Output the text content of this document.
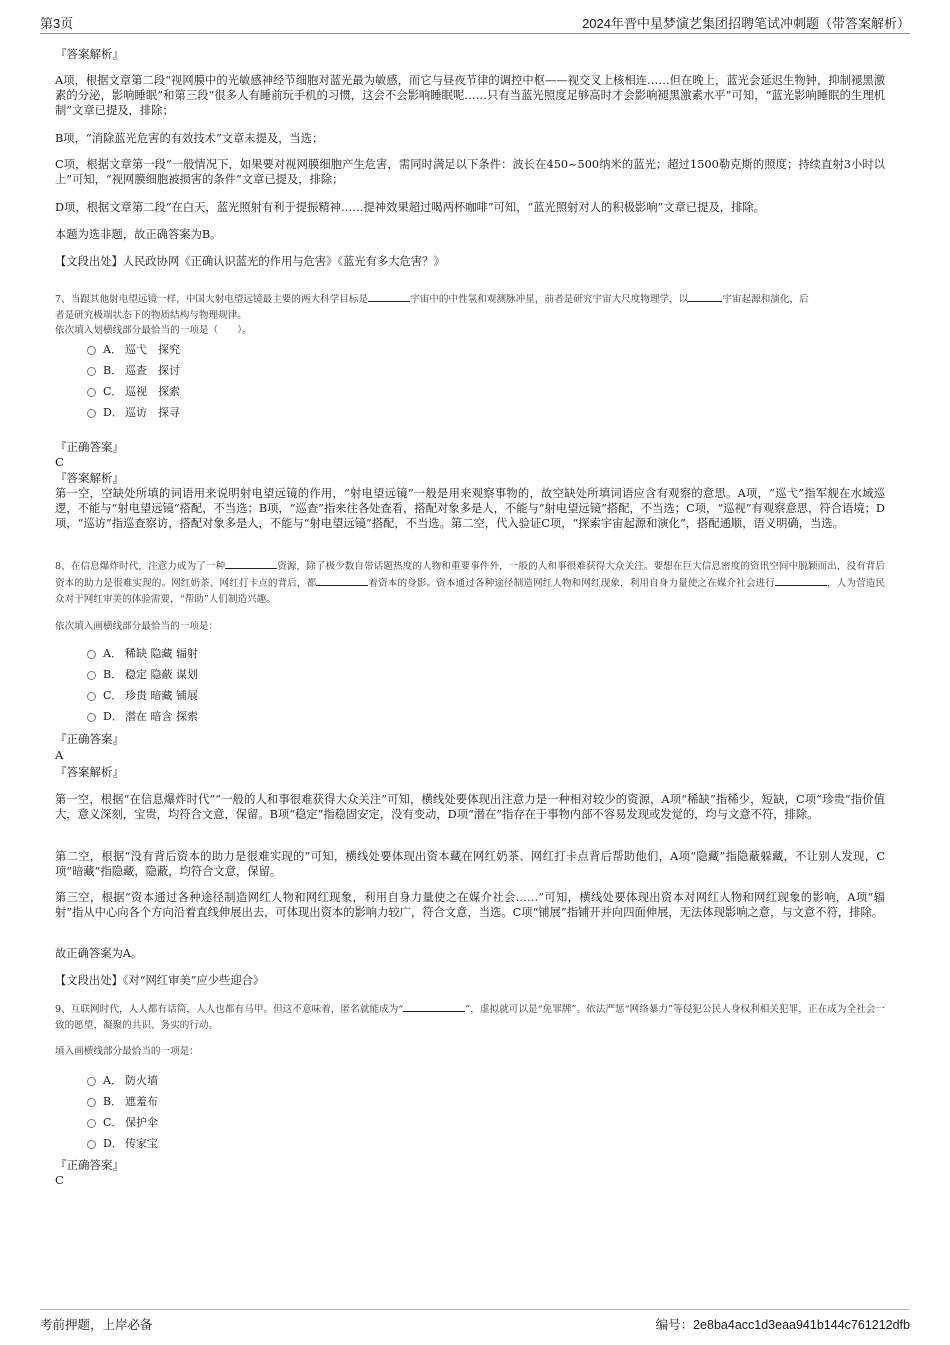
第3页	2024年晋中星梦演艺集团招聘笔试冲刺题（带答案解析）
『答案解析』
A项，根据文章第二段“视网膜中的光敏感神经节细胞对蓝光最为敏感，而它与昼夜节律的调控中枢——视交叉上核相连……但在晚上，蓝光会延迟生物钟，抑制褪黑激素的分泌，影响睡眠”和第三段“很多人有睡前玩手机的习惯，这会不会影响睡眠呢……只有当蓝光照度足够高时才会影响褪黑激素水平”可知，“蓝光影响睡眠的生理机制”文章已提及，排除；
B项，“消除蓝光危害的有效技术”文章未提及，当选；
C项，根据文章第一段“一般情况下，如果要对视网膜细胞产生危害，需同时满足以下条件：波长在450~500纳米的蓝光；超过1500勒克斯的照度；持续直射3小时以上”可知，“视网膜细胞被损害的条件”文章已提及，排除；
D项，根据文章第二段“在白天，蓝光照射有利于提振精神……提神效果超过喝两杯咖啡”可知，“蓝光照射对人的积极影响”文章已提及，排除。
本题为选非题，故正确答案为B。
【文段出处】人民政协网《正确认识蓝光的作用与危害》《蓝光有多大危害？》
7、当跟其他射电望远镜一样，中国大射电望远镜最主要的两大科学目标是	宇宙中的中性氢和观测脉冲星，前者是研究宇宙大尺度物理学，以	宇宙起源和演化，后
者是研究极端状态下的物质结构与物理规律。
依次填入划横线部分最恰当的一项是（　　）。
A． 巡弋　探究
B． 巡查　探讨
C． 巡视　探索
D． 巡访　探寻
『正确答案』
C
『答案解析』
第一空，空缺处所填的词语用来说明射电望远镜的作用，“射电望远镜”一般是用来观察事物的，故空缺处所填词语应含有观察的意思。A项，“巡弋”指军舰在水域巡逻，不能与“射电望远镜”搭配，不当选；B项，“巡查”指来往各处查看，搭配对象多是人，不能与“射电望远镜”搭配，不当选；C项，“巡视”有观察意思，符合语境；D项，“巡访”指巡查察访，搭配对象多是人，不能与“射电望远镜”搭配，不当选。第二空，代入验证C项，“探索宇宙起源和演化”，搭配通顺，语义明确，当选。
8、在信息爆炸时代，注意力成为了一种	资源，除了极少数自带话题热度的人物和重要事件外，一般的人和事很难获得大众关注。要想在巨大信息密度的资讯空间中脱颖而出，没有背后资本的助力是很难实现的。网红奶茶、网红打卡点的背后，都	着资本的身影。资本通过各种途径制造网红人物和网红现象，利用自身力量使之在媒介社会进行	，人为营造民众对于网红审美的体验需要，“帮助”人们制造兴趣。
依次填入画横线部分最恰当的一项是：
A． 稀缺 隐藏 辐射
B． 稳定 隐蔽 谋划
C． 珍贵 暗藏 铺展
D． 潜在 暗含 探索
『正确答案』
A
『答案解析』
第一空，根据“在信息爆炸时代”“一般的人和事很难获得大众关注”可知，横线处要体现出注意力是一种相对较少的资源，A项“稀缺”指稀少，短缺，C项“珍贵”指价值大，意义深刻，宝贵，均符合文意，保留。B项“稳定”指稳固安定，没有变动，D项“潜在”指存在于事物内部不容易发现或发觉的，均与文意不符，排除。
第二空，根据“没有背后资本的助力是很难实现的”可知，横线处要体现出资本藏在网红奶茶、网红打卡点背后帮助他们，A项“隐藏”指隐蔽躲藏，不让别人发现，C项“暗藏”指隐藏，隐蔽，均符合文意，保留。
第三空，根据“资本通过各种途径制造网红人物和网红现象，利用自身力量使之在媒介社会……”可知，横线处要体现出资本对网红人物和网红现象的影响，A项“辐射”指从中心向各个方向沿着直线伸展出去，可体现出资本的影响力较广，符合文意，当选。C项“铺展”指铺开并向四面伸展，无法体现影响之意，与文意不符，排除。
故正确答案为A。
【文段出处】《对“网红审美”应少些迎合》
9、互联网时代，人人都有话筒，人人也都有马甲。但这不意味着，匿名就能成为“	”，虚拟就可以是“免罪牌”。依法严惩“网络暴力”等侵犯公民人身权利相关犯罪，正在成为全社会一致的愿望、凝聚的共识、务实的行动。
填入画横线部分最恰当的一项是：
A． 防火墙
B． 遮羞布
C． 保护伞
D． 传家宝
『正确答案』
C
考前押题，上岸必备	编号：2e8ba4acc1d3eaa941b144c761212dfb
